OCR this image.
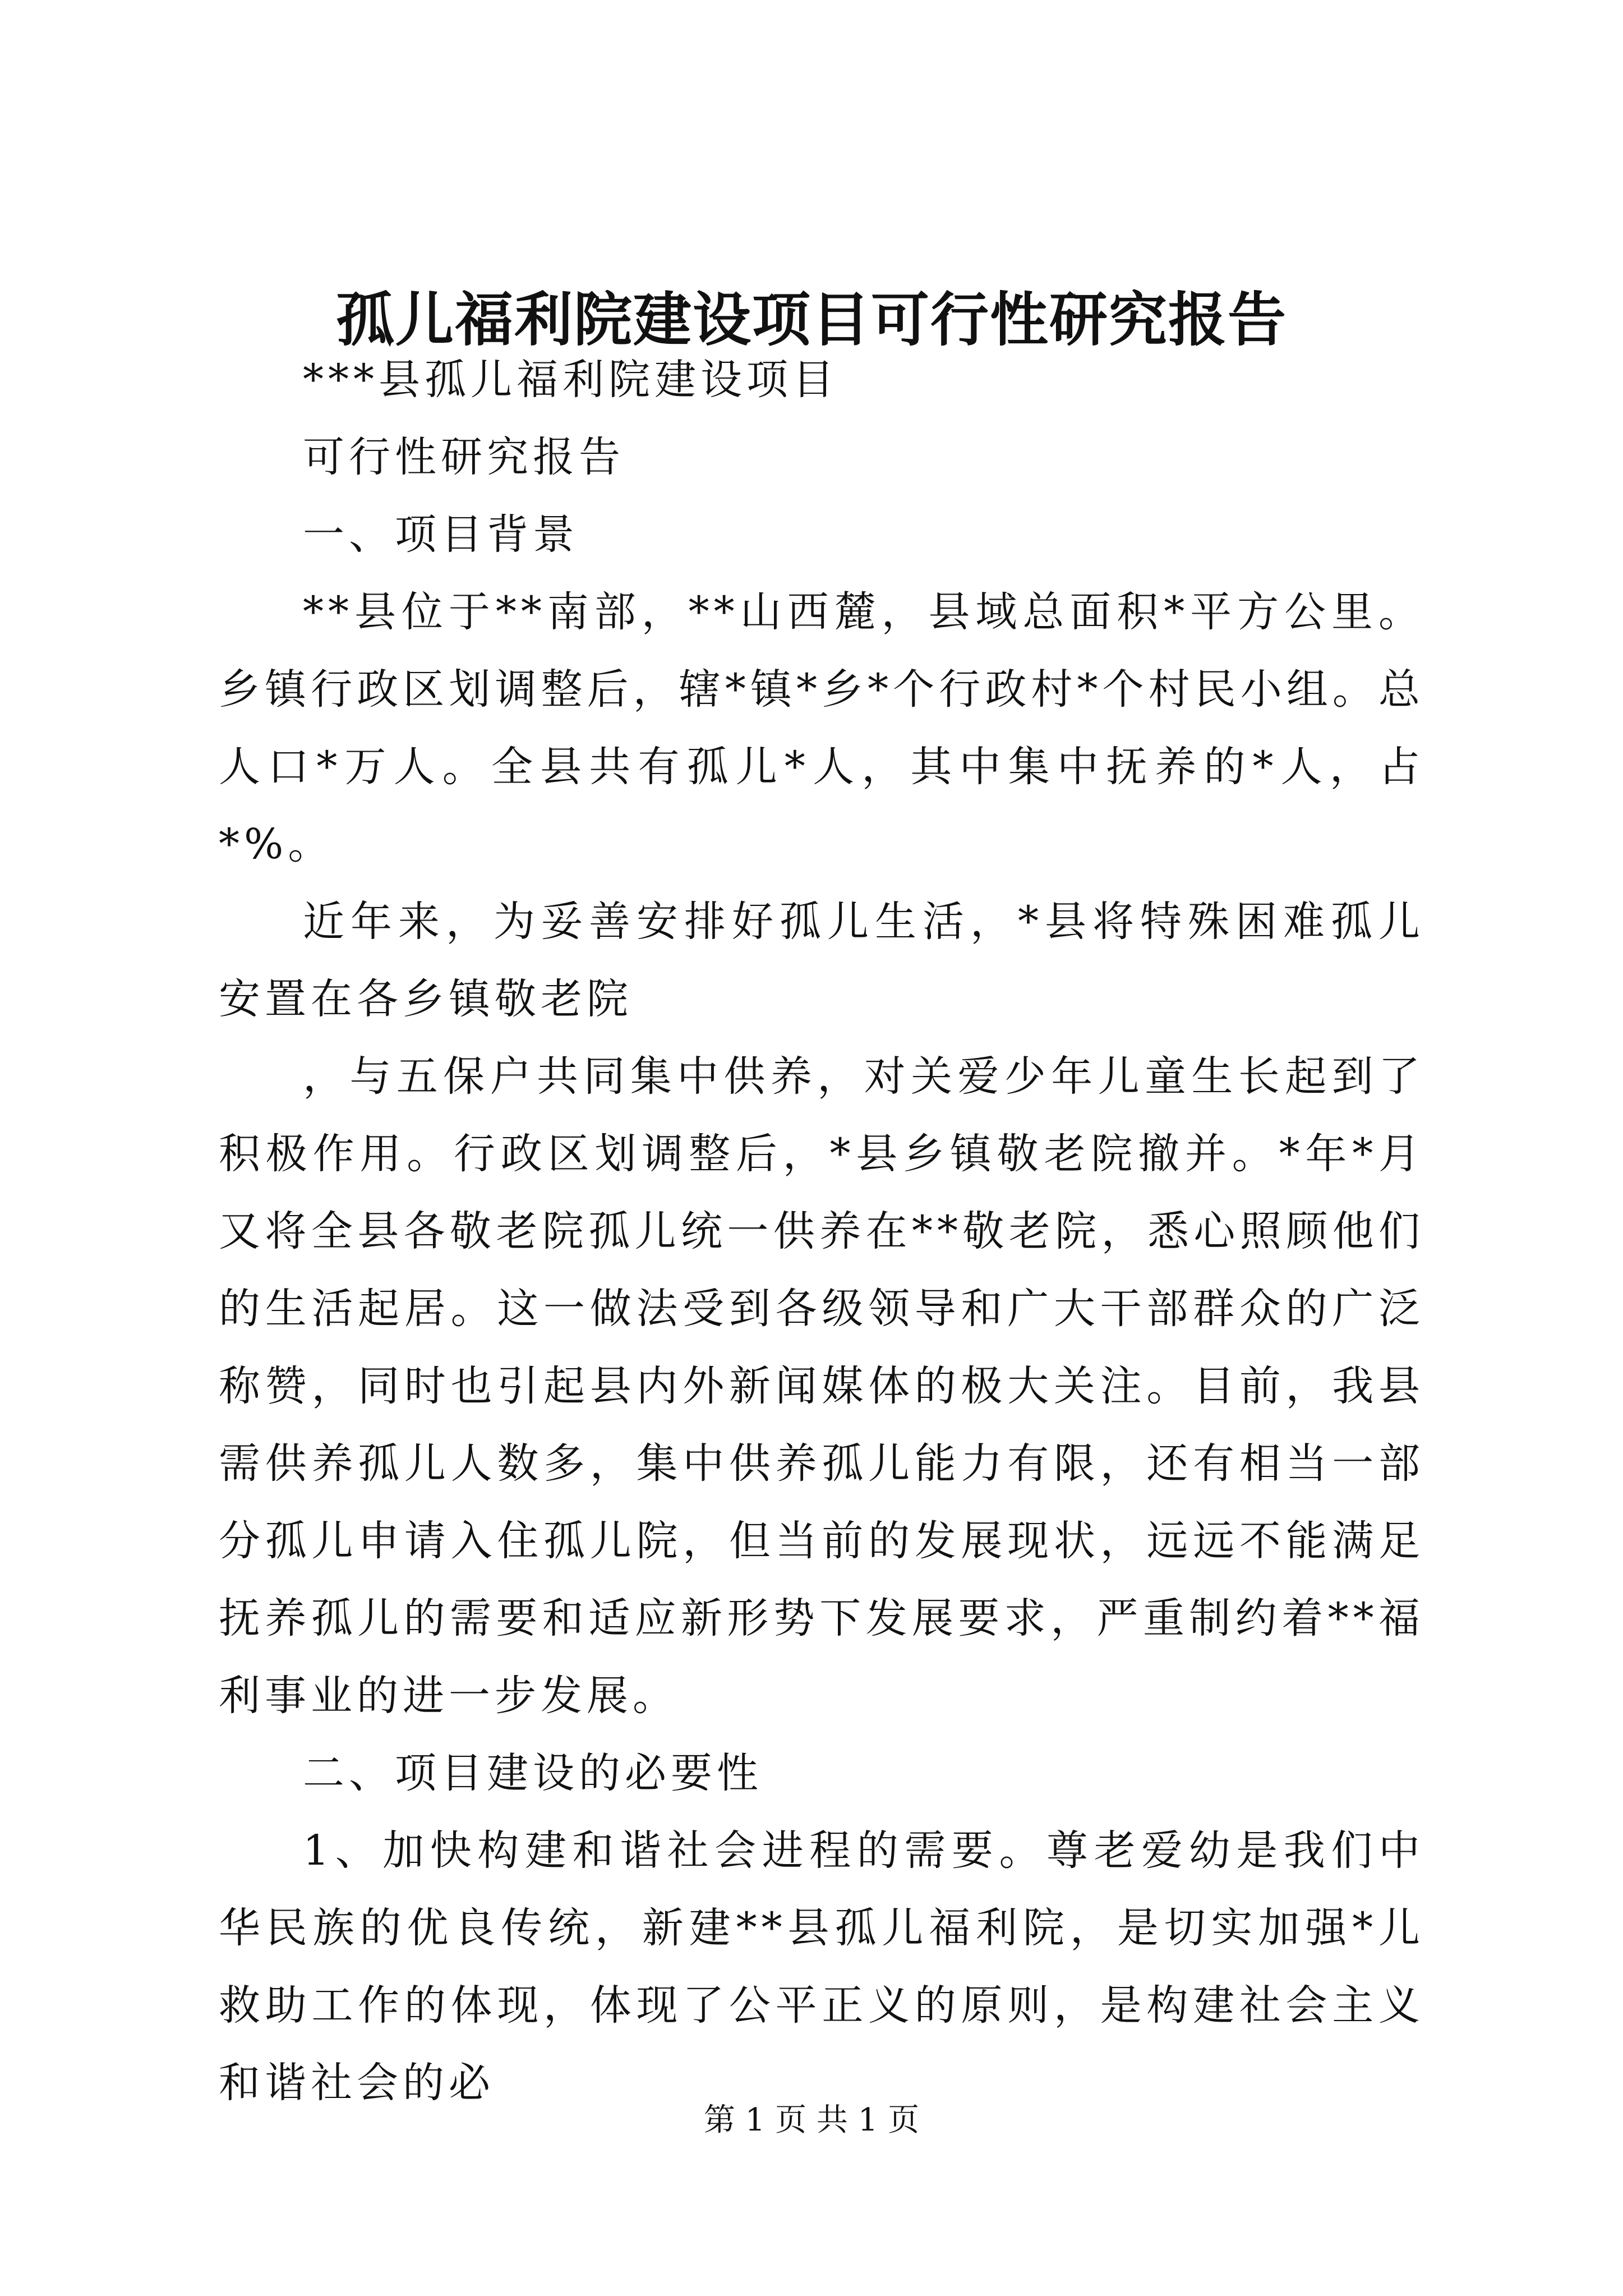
孤儿福利院建设项目可行性研究报告

***县孤儿福利院建设项目

可行性研究报告

一、项目背景

**县位于**南部，**山西麓，县域总面积*平方公里。乡镇行政区划调整后，辖*镇*乡*个行政村*个村民小组。总人口*万人。全县共有孤儿*人，其中集中抚养的*人，占*%。

近年来，为妥善安排好孤儿生活，*县将特殊困难孤儿安置在各乡镇敬老院

，与五保户共同集中供养，对关爱少年儿童生长起到了积极作用。行政区划调整后，*县乡镇敬老院撤并。*年*月又将全县各敬老院孤儿统一供养在**敬老院，悉心照顾他们的生活起居。这一做法受到各级领导和广大干部群众的广泛称赞，同时也引起县内外新闻媒体的极大关注。目前，我县需供养孤儿人数多，集中供养孤儿能力有限，还有相当一部分孤儿申请入住孤儿院，但当前的发展现状，远远不能满足抚养孤儿的需要和适应新形势下发展要求，严重制约着**福利事业的进一步发展。

二、项目建设的必要性

1、加快构建和谐社会进程的需要。尊老爱幼是我们中华民族的优良传统，新建**县孤儿福利院，是切实加强*儿救助工作的体现，体现了公平正义的原则，是构建社会主义和谐社会的必

第 1 页 共 1 页
